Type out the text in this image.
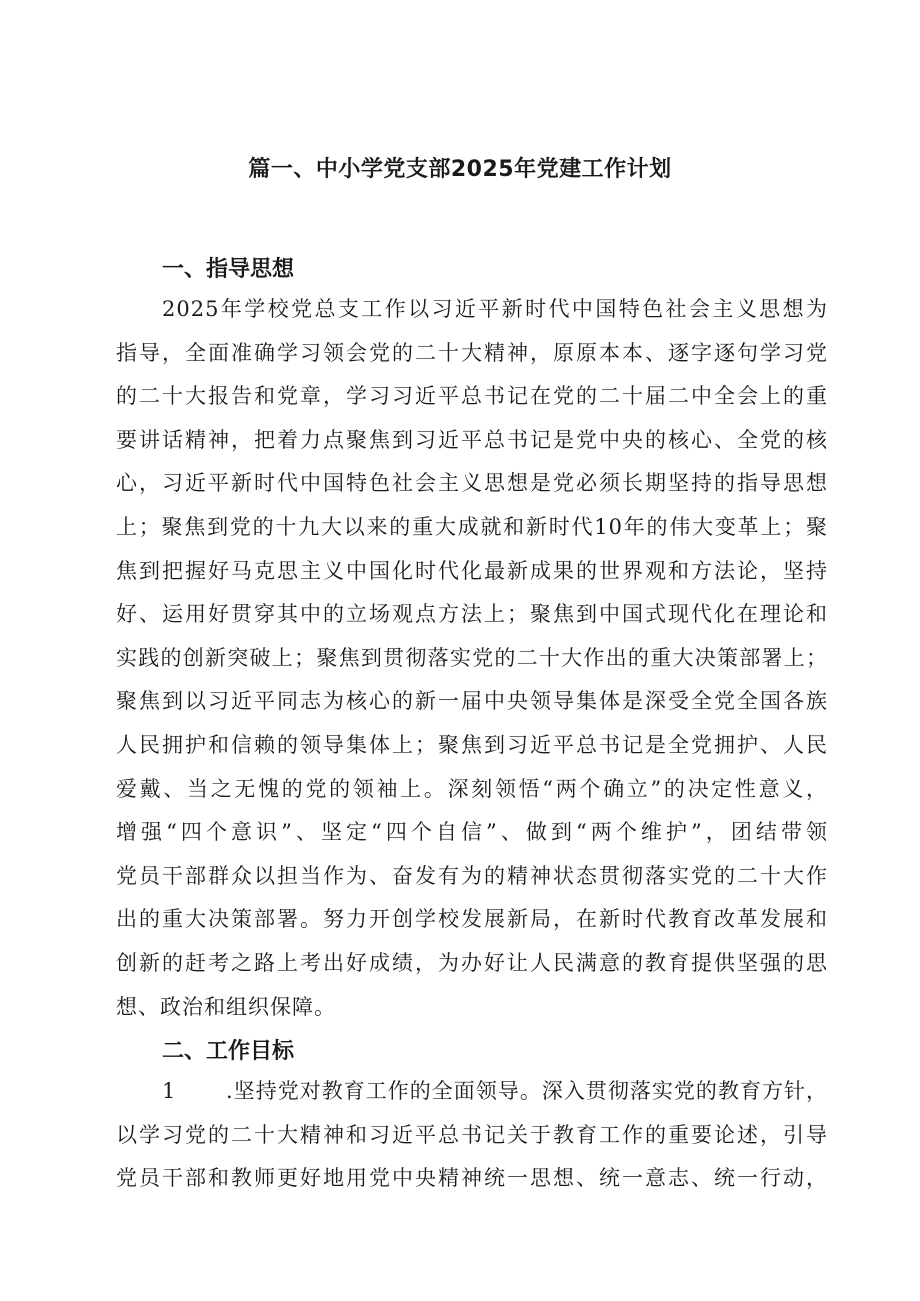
篇一、中小学党支部2025年党建工作计划
一、指导思想
2025年学校党总支工作以习近平新时代中国特色社会主义思想为
指导，全面准确学习领会党的二十大精神，原原本本、逐字逐句学习党
的二十大报告和党章，学习习近平总书记在党的二十届二中全会上的重
要讲话精神，把着力点聚焦到习近平总书记是党中央的核心、全党的核
心，习近平新时代中国特色社会主义思想是党必须长期坚持的指导思想
上；聚焦到党的十九大以来的重大成就和新时代10年的伟大变革上；聚
焦到把握好马克思主义中国化时代化最新成果的世界观和方法论，坚持
好、运用好贯穿其中的立场观点方法上；聚焦到中国式现代化在理论和
实践的创新突破上；聚焦到贯彻落实党的二十大作出的重大决策部署上；
聚焦到以习近平同志为核心的新一届中央领导集体是深受全党全国各族
人民拥护和信赖的领导集体上；聚焦到习近平总书记是全党拥护、人民
爱戴、当之无愧的党的领袖上。深刻领悟“两个确立”的决定性意义，
增强“四个意识”、坚定“四个自信”、做到“两个维护”，团结带领
党员干部群众以担当作为、奋发有为的精神状态贯彻落实党的二十大作
出的重大决策部署。努力开创学校发展新局，在新时代教育改革发展和
创新的赶考之路上考出好成绩，为办好让人民满意的教育提供坚强的思
想、政治和组织保障。
二、工作目标
1 .坚持党对教育工作的全面领导。深入贯彻落实党的教育方针，
以学习党的二十大精神和习近平总书记关于教育工作的重要论述，引导
党员干部和教师更好地用党中央精神统一思想、统一意志、统一行动，
